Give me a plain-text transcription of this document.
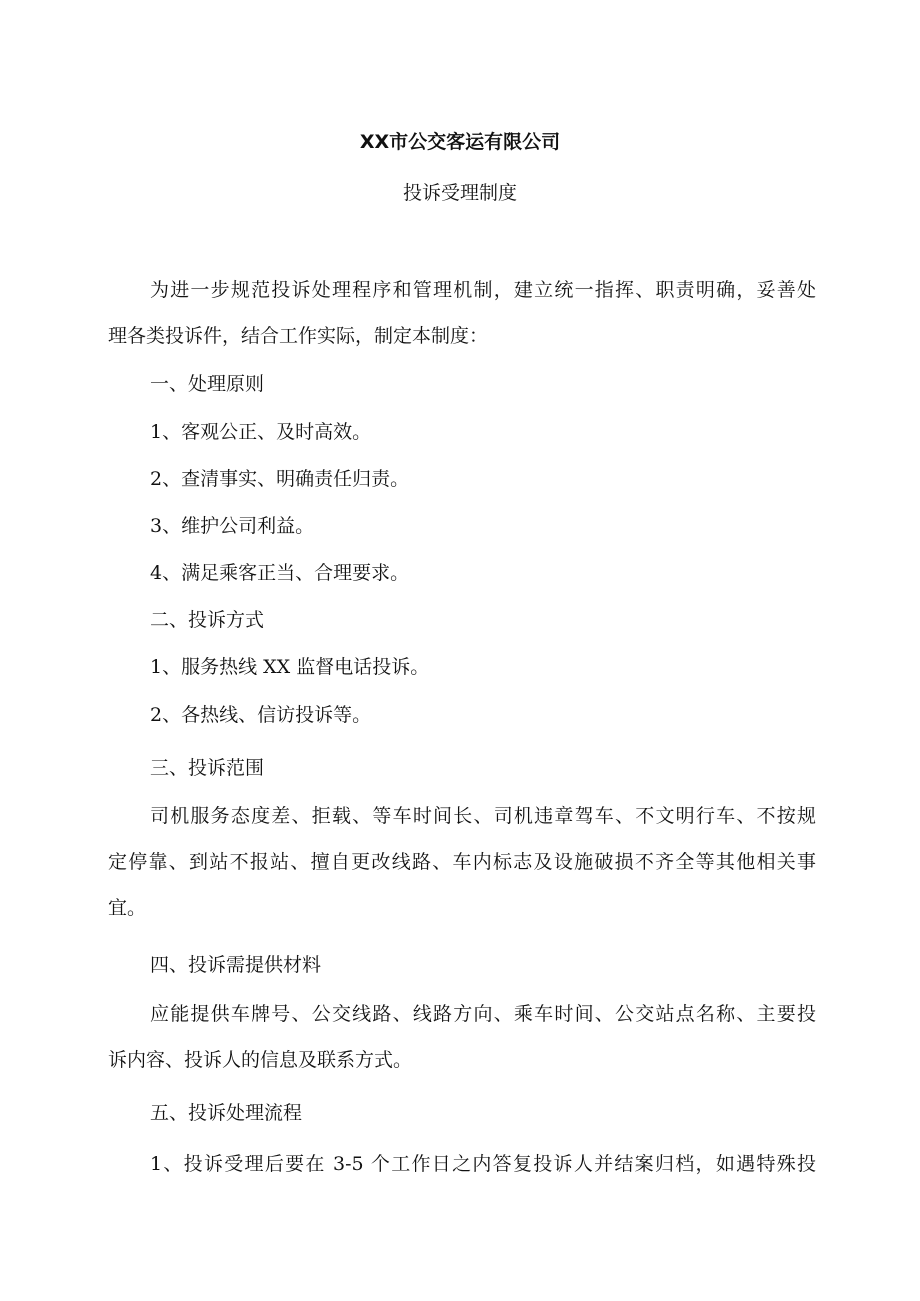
XX市公交客运有限公司
投诉受理制度

为进一步规范投诉处理程序和管理机制，建立统一指挥、职责明确，妥善处
理各类投诉件，结合工作实际，制定本制度：

一、处理原则

1、客观公正、及时高效。

2、查清事实、明确责任归责。

3、维护公司利益。

4、满足乘客正当、合理要求。

二、投诉方式

1、服务热线 XX 监督电话投诉。

2、各热线、信访投诉等。

三、投诉范围

司机服务态度差、拒载、等车时间长、司机违章驾车、不文明行车、不按规
定停靠、到站不报站、擅自更改线路、车内标志及设施破损不齐全等其他相关事
宜。

四、投诉需提供材料

应能提供车牌号、公交线路、线路方向、乘车时间、公交站点名称、主要投
诉内容、投诉人的信息及联系方式。

五、投诉处理流程

1、投诉受理后要在 3-5 个工作日之内答复投诉人并结案归档，如遇特殊投
